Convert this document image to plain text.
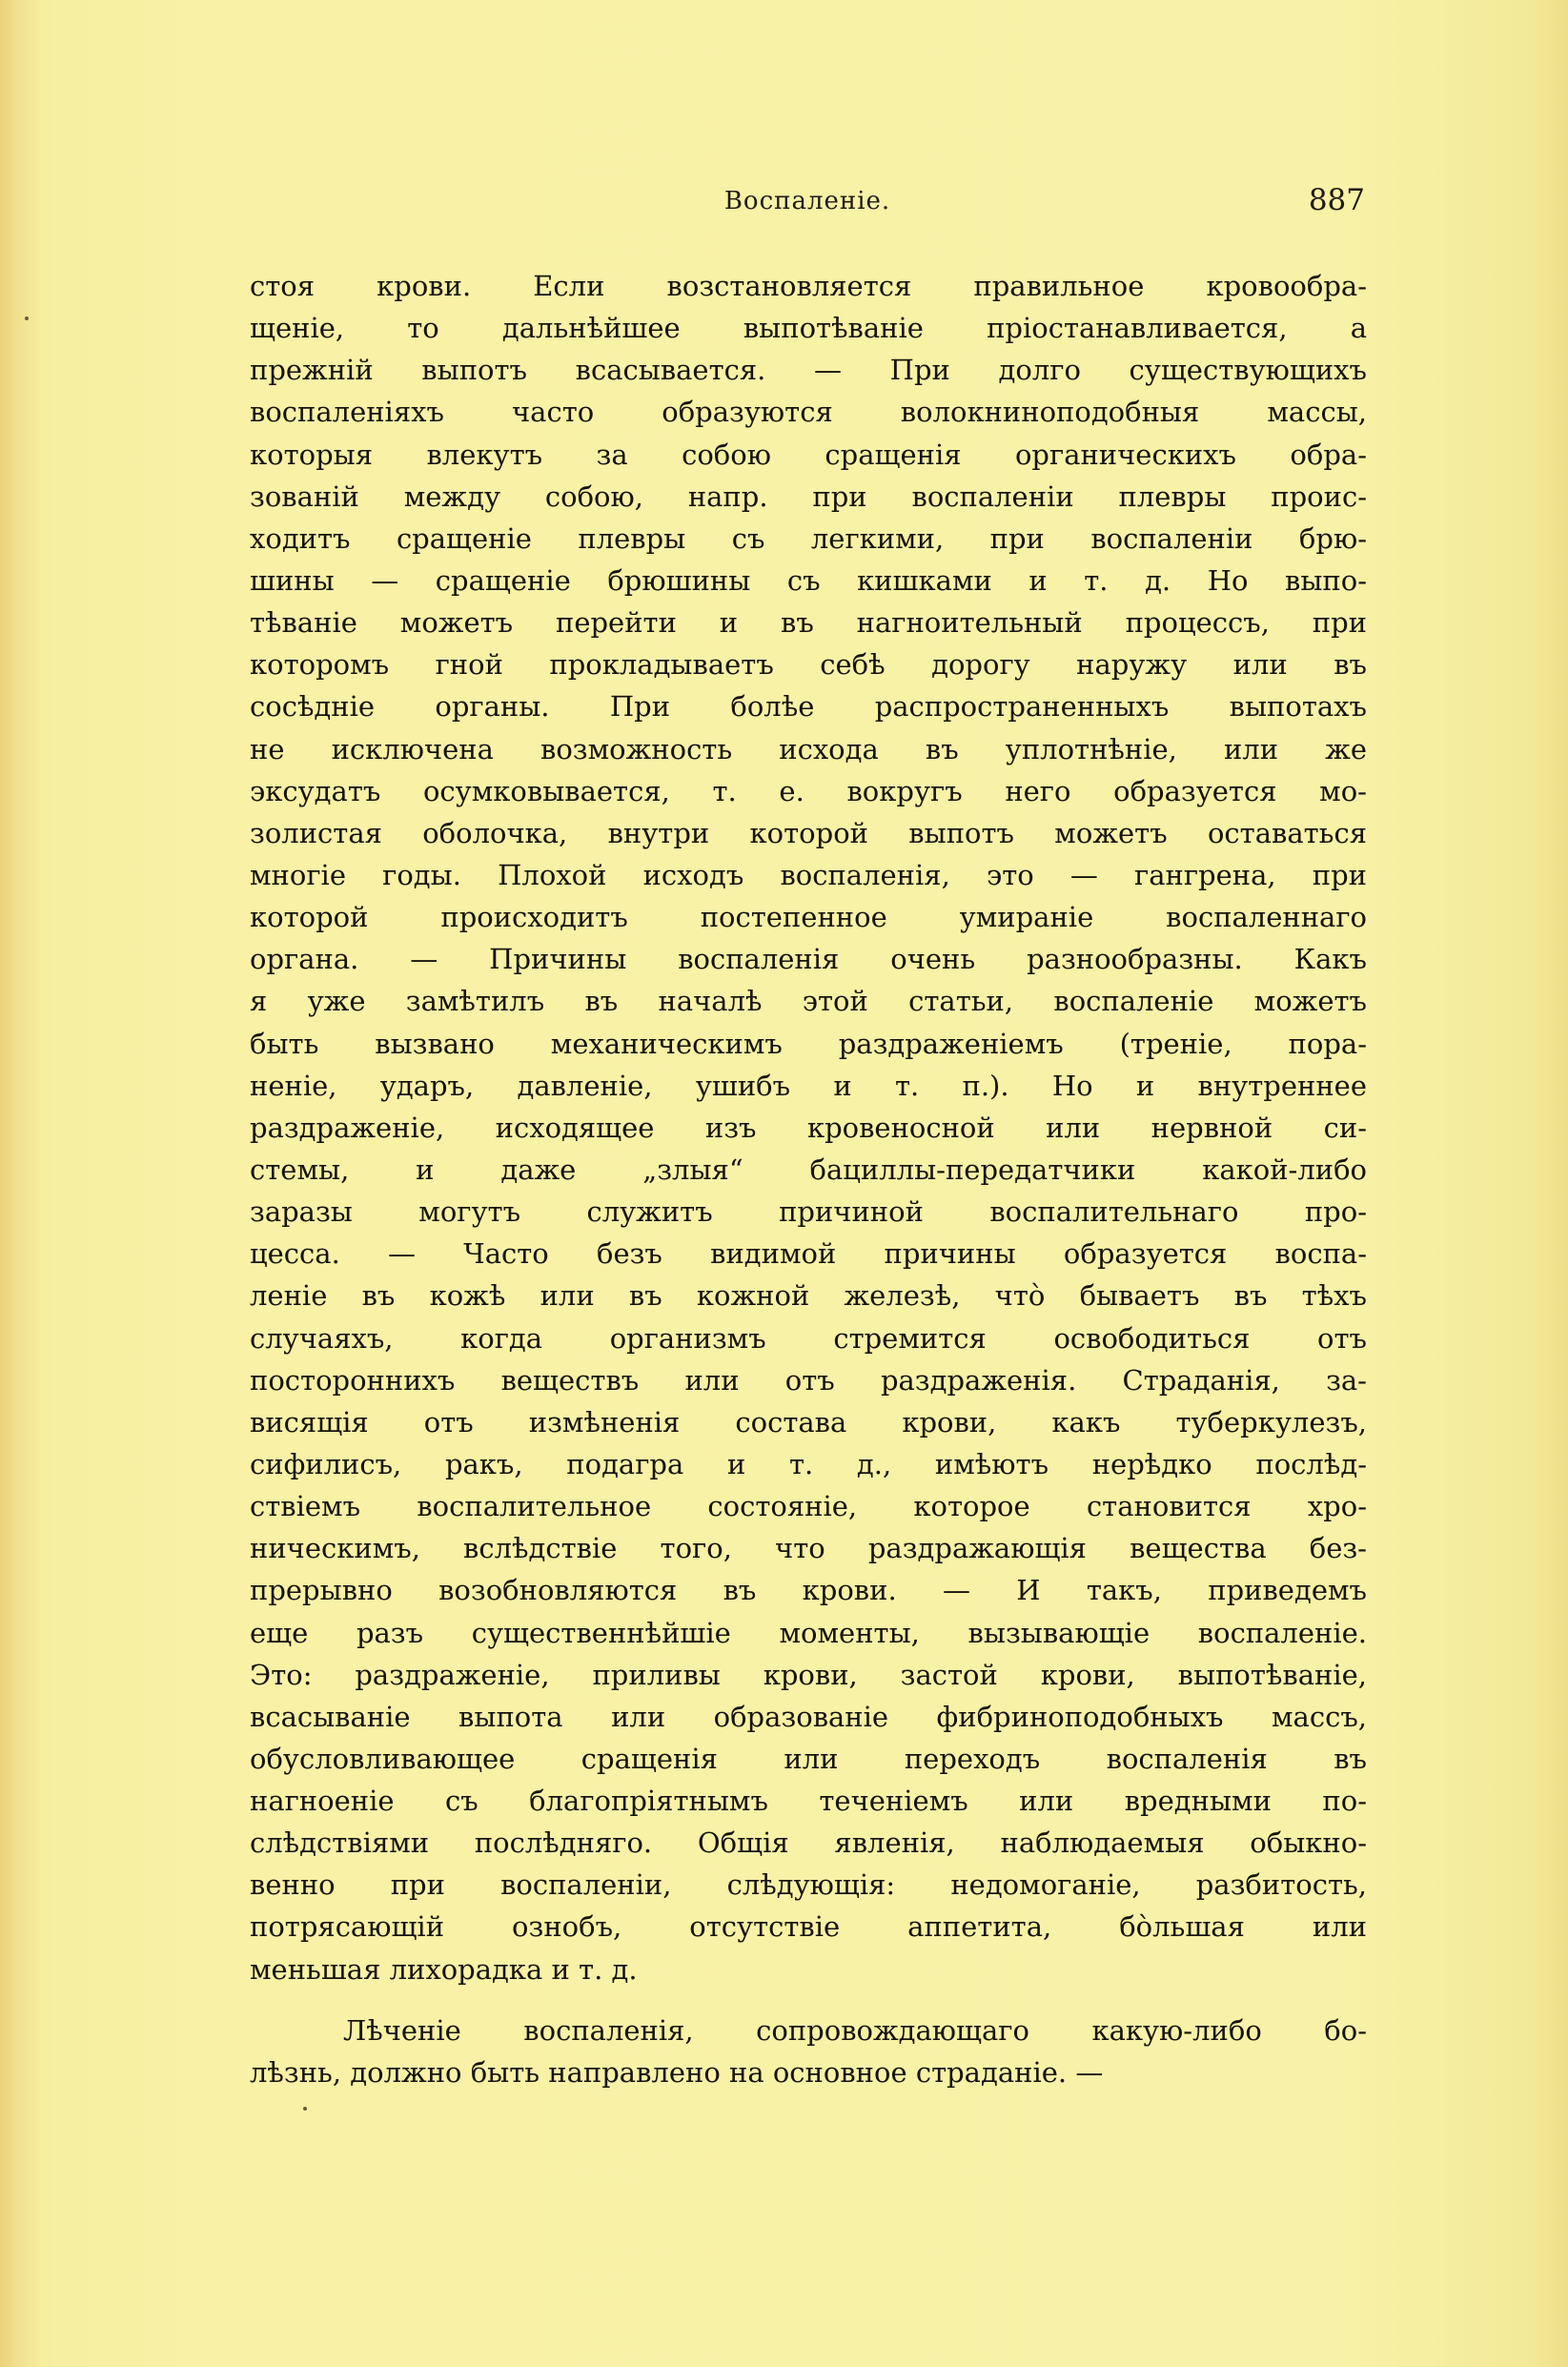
Воспаленіе.	887
стоя крови. Если возстановляется правильное кровообра-
щеніе, то дальнѣйшее выпотѣваніе пріостанавливается, а
прежній выпотъ всасывается. — При долго существующихъ
воспаленіяхъ часто образуются волокниноподобныя массы,
которыя влекутъ за собою сращенія органическихъ обра-
зованій между собою, напр. при воспаленіи плевры проис-
ходитъ сращеніе плевры съ легкими, при воспаленіи брю-
шины — сращеніе брюшины съ кишками и т. д. Но выпо-
тѣваніе можетъ перейти и въ нагноительный процессъ, при
которомъ гной прокладываетъ себѣ дорогу наружу или въ
сосѣдніе органы. При болѣе распространенныхъ выпотахъ
не исключена возможность исхода въ уплотнѣніе, или же
эксудатъ осумковывается, т. е. вокругъ него образуется мо-
золистая оболочка, внутри которой выпотъ можетъ оставаться
многіе годы. Плохой исходъ воспаленія, это — гангрена, при
которой происходитъ постепенное умираніе воспаленнаго
органа. — Причины воспаленія очень разнообразны. Какъ
я уже замѣтилъ въ началѣ этой статьи, воспаленіе можетъ
быть вызвано механическимъ раздраженіемъ (треніе, пора-
неніе, ударъ, давленіе, ушибъ и т. п.). Но и внутреннее
раздраженіе, исходящее изъ кровеносной или нервной си-
стемы, и даже „злыя“ бациллы-передатчики какой-либо
заразы могутъ служитъ причиной воспалительнаго про-
цесса. — Часто безъ видимой причины образуется воспа-
леніе въ кожѣ или въ кожной железѣ, что̀ бываетъ въ тѣхъ
случаяхъ, когда организмъ стремится освободиться отъ
постороннихъ веществъ или отъ раздраженія. Страданія, за-
висящія отъ измѣненія состава крови, какъ туберкулезъ,
сифилисъ, ракъ, подагра и т. д., имѣютъ нерѣдко послѣд-
ствіемъ воспалительное состояніе, которое становится хро-
ническимъ, вслѣдствіе того, что раздражающія вещества без-
прерывно возобновляются въ крови. — И такъ, приведемъ
еще разъ существеннѣйшіе моменты, вызывающіе воспаленіе.
Это: раздраженіе, приливы крови, застой крови, выпотѣваніе,
всасываніе выпота или образованіе фибриноподобныхъ массъ,
обусловливающее сращенія или переходъ воспаленія въ
нагноеніе съ благопріятнымъ теченіемъ или вредными по-
слѣдствіями послѣдняго. Общія явленія, наблюдаемыя обыкно-
венно при воспаленіи, слѣдующія: недомоганіе, разбитость,
потрясающій ознобъ, отсутствіе аппетита, бо̀льшая или
меньшая лихорадка и т. д.
Лѣченіе воспаленія, сопровождающаго какую-либо бо-
лѣзнь, должно быть направлено на основное страданіе. —
